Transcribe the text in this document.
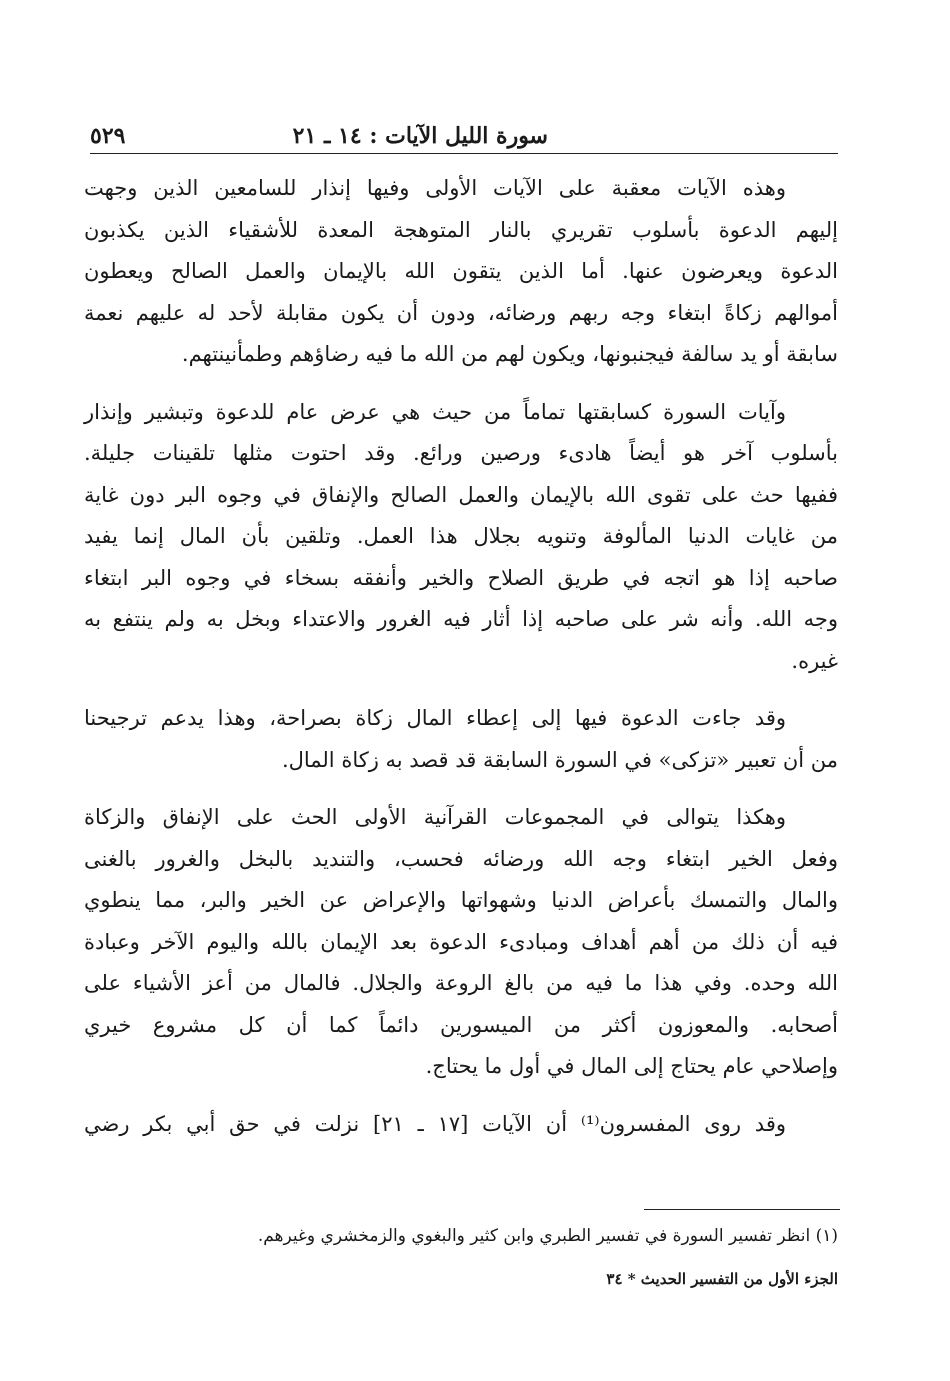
سورة الليل الآيات : ١٤ ـ ٢١
٥٢٩

وهذه الآيات معقبة على الآيات الأولى وفيها إنذار للسامعين الذين وجهت
إليهم الدعوة بأسلوب تقريري بالنار المتوهجة المعدة للأشقياء الذين يكذبون
الدعوة ويعرضون عنها. أما الذين يتقون الله بالإيمان والعمل الصالح ويعطون
أموالهم زكاةً ابتغاء وجه ربهم ورضائه، ودون أن يكون مقابلة لأحد له عليهم نعمة
سابقة أو يد سالفة فيجنبونها، ويكون لهم من الله ما فيه رضاؤهم وطمأنينتهم.

وآيات السورة كسابقتها تماماً من حيث هي عرض عام للدعوة وتبشير وإنذار
بأسلوب آخر هو أيضاً هادىء ورصين ورائع. وقد احتوت مثلها تلقينات جليلة.
ففيها حث على تقوى الله بالإيمان والعمل الصالح والإنفاق في وجوه البر دون غاية
من غايات الدنيا المألوفة وتنويه بجلال هذا العمل. وتلقين بأن المال إنما يفيد
صاحبه إذا هو اتجه في طريق الصلاح والخير وأنفقه بسخاء في وجوه البر ابتغاء
وجه الله. وأنه شر على صاحبه إذا أثار فيه الغرور والاعتداء وبخل به ولم ينتفع به
غيره.

وقد جاءت الدعوة فيها إلى إعطاء المال زكاة بصراحة، وهذا يدعم ترجيحنا
من أن تعبير «تزكى» في السورة السابقة قد قصد به زكاة المال.

وهكذا يتوالى في المجموعات القرآنية الأولى الحث على الإنفاق والزكاة
وفعل الخير ابتغاء وجه الله ورضائه فحسب، والتنديد بالبخل والغرور بالغنى
والمال والتمسك بأعراض الدنيا وشهواتها والإعراض عن الخير والبر، مما ينطوي
فيه أن ذلك من أهم أهداف ومبادىء الدعوة بعد الإيمان بالله واليوم الآخر وعبادة
الله وحده. وفي هذا ما فيه من بالغ الروعة والجلال. فالمال من أعز الأشياء على
أصحابه. والمعوزون أكثر من الميسورين دائماً كما أن كل مشروع خيري
وإصلاحي عام يحتاج إلى المال في أول ما يحتاج.

وقد روى المفسرون⁽¹⁾ أن الآيات [١٧ ـ ٢١] نزلت في حق أبي بكر رضي

(١) انظر تفسير السورة في تفسير الطبري وابن كثير والبغوي والزمخشري وغيرهم.
الجزء الأول من التفسير الحديث * ٣٤
